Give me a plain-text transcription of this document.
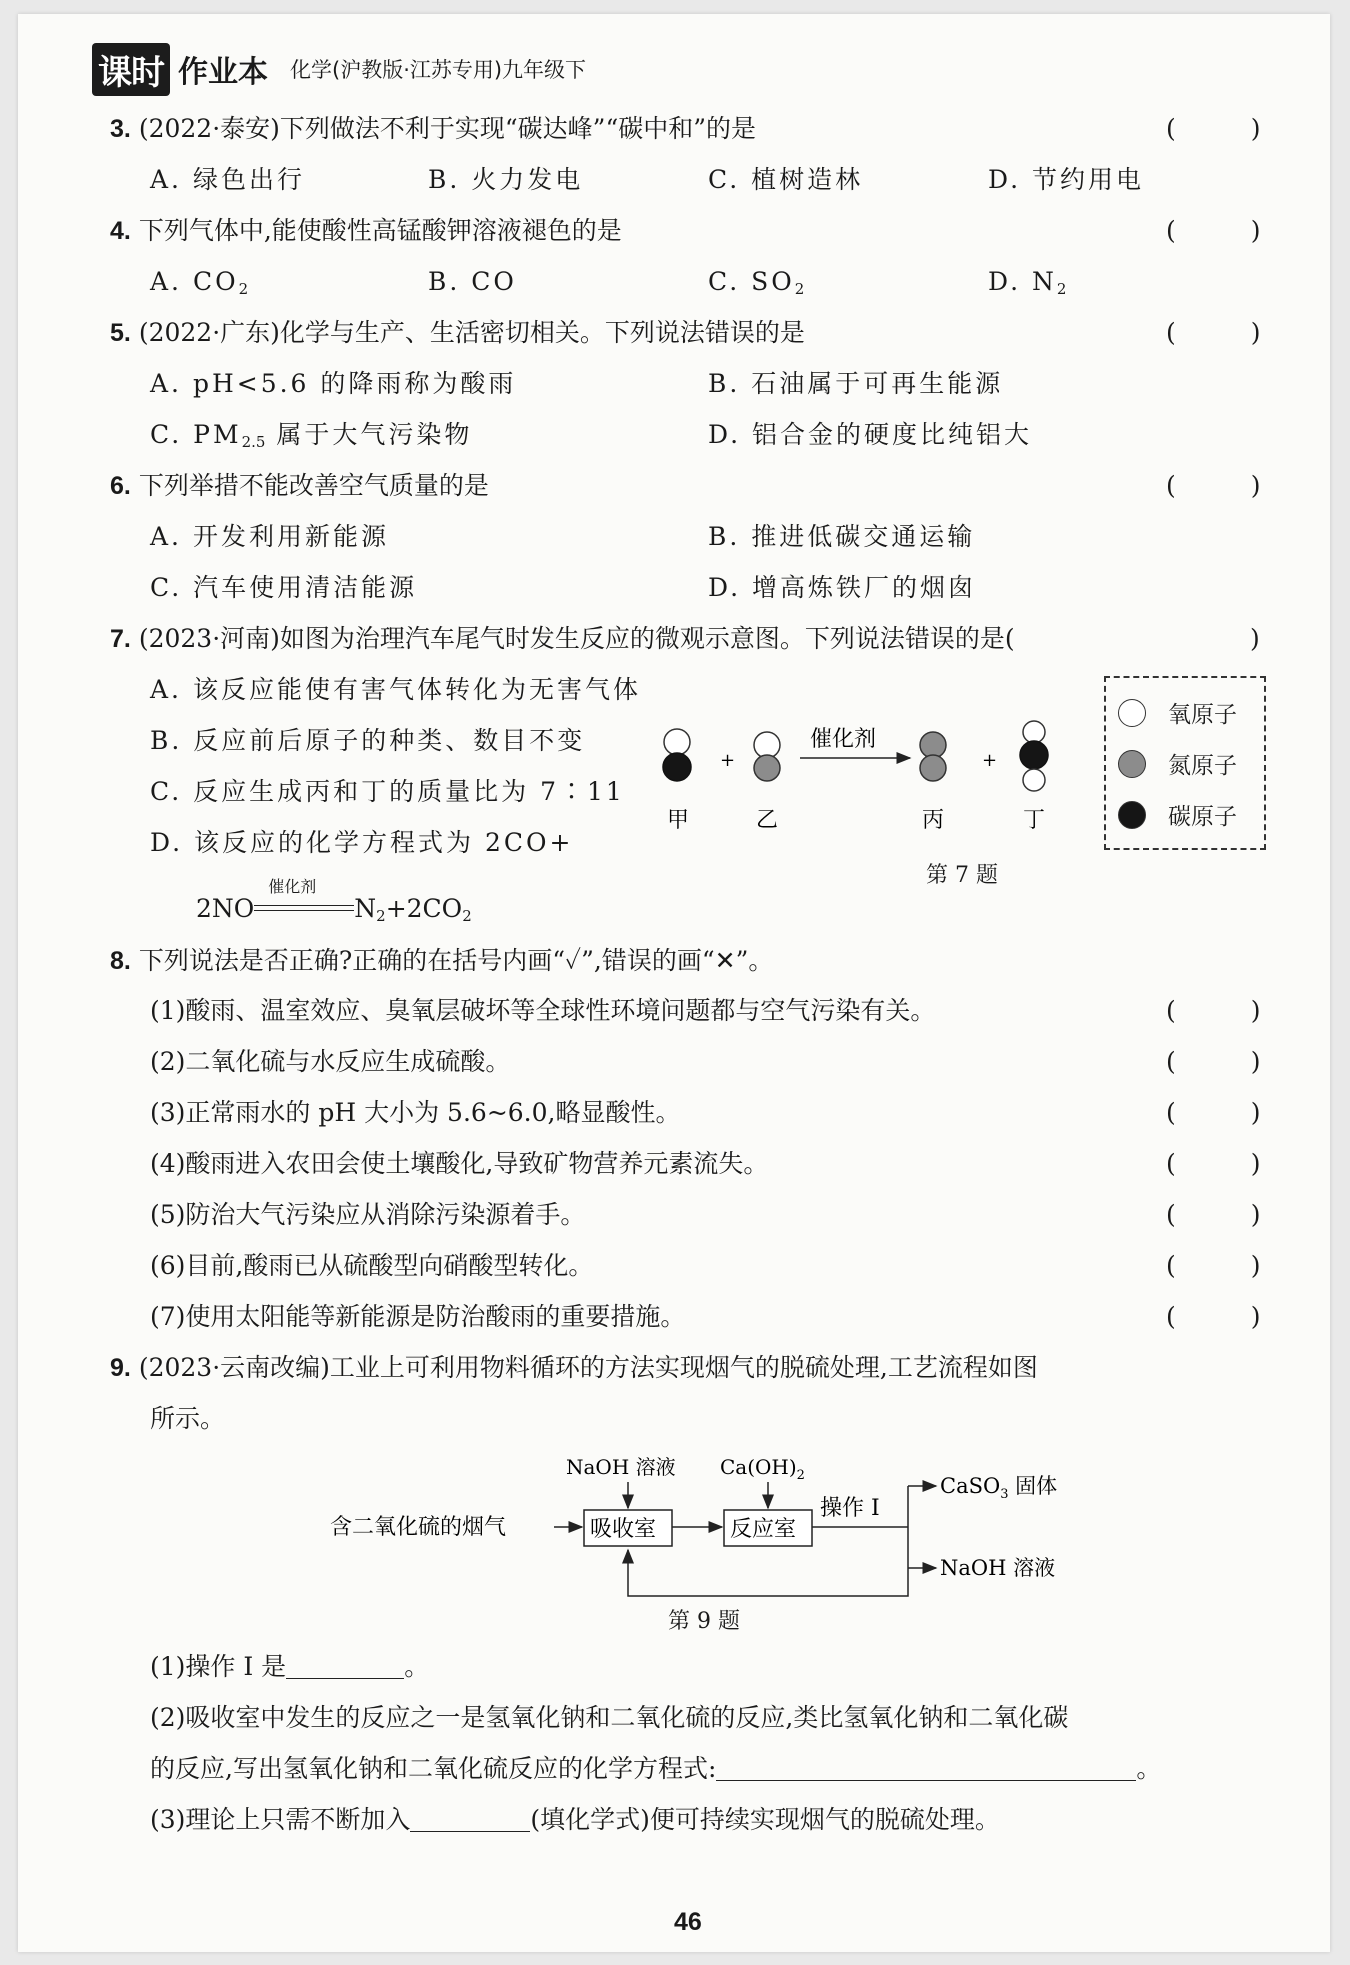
课时 作业本 化学(沪教版·江苏专用)九年级下
3. (2022·泰安)下列做法不利于实现“碳达峰”“碳中和”的是	(　　　)
A. 绿色出行	B. 火力发电	C. 植树造林	D. 节约用电
4. 下列气体中,能使酸性高锰酸钾溶液褪色的是	(　　　)
A. $CO_2$	B. CO	C. $SO_2$	D. $N_2$
5. (2022·广东)化学与生产、生活密切相关。下列说法错误的是	(　　　)
A. pH<5.6 的降雨称为酸雨	B. 石油属于可再生能源
C. $PM_{2.5}$ 属于大气污染物	D. 铝合金的硬度比纯铝大
6. 下列举措不能改善空气质量的是	(　　　)
A. 开发利用新能源	B. 推进低碳交通运输
C. 汽车使用清洁能源	D. 增高炼铁厂的烟囱
7. (2023·河南)如图为治理汽车尾气时发生反应的微观示意图。下列说法错误的是(	)
A. 该反应能使有害气体转化为无害气体
B. 反应前后原子的种类、数目不变
C. 反应生成丙和丁的质量比为 7∶11
D. 该反应的化学方程式为 2CO+
2NO
催化剂
$N_2+2CO_2$
+
催化剂
+
甲	乙	丙	丁
氧原子
氮原子
碳原子
第 7 题
8. 下列说法是否正确?正确的在括号内画“✓”,错误的画“✕”。
(1)酸雨、温室效应、臭氧层破坏等全球性环境问题都与空气污染有关。	(　　　)
(2)二氧化硫与水反应生成硫酸。	(　　　)
(3)正常雨水的 pH 大小为 5.6~6.0,略显酸性。	(　　　)
(4)酸雨进入农田会使土壤酸化,导致矿物营养元素流失。	(　　　)
(5)防治大气污染应从消除污染源着手。	(　　　)
(6)目前,酸雨已从硫酸型向硝酸型转化。	(　　　)
(7)使用太阳能等新能源是防治酸雨的重要措施。	(　　　)
9. (2023·云南改编)工业上可利用物料循环的方法实现烟气的脱硫处理,工艺流程如图
所示。
含二氧化硫的烟气	吸收室
NaOH 溶液
反应室
$Ca(OH)_2$
操作 I
CaSO$_3$ 固体
NaOH 溶液
第 9 题
(1)操作 I 是	。
(2)吸收室中发生的反应之一是氢氧化钠和二氧化硫的反应,类比氢氧化钠和二氧化碳
的反应,写出氢氧化钠和二氧化硫反应的化学方程式:	。
(3)理论上只需不断加入	(填化学式)便可持续实现烟气的脱硫处理。
46
